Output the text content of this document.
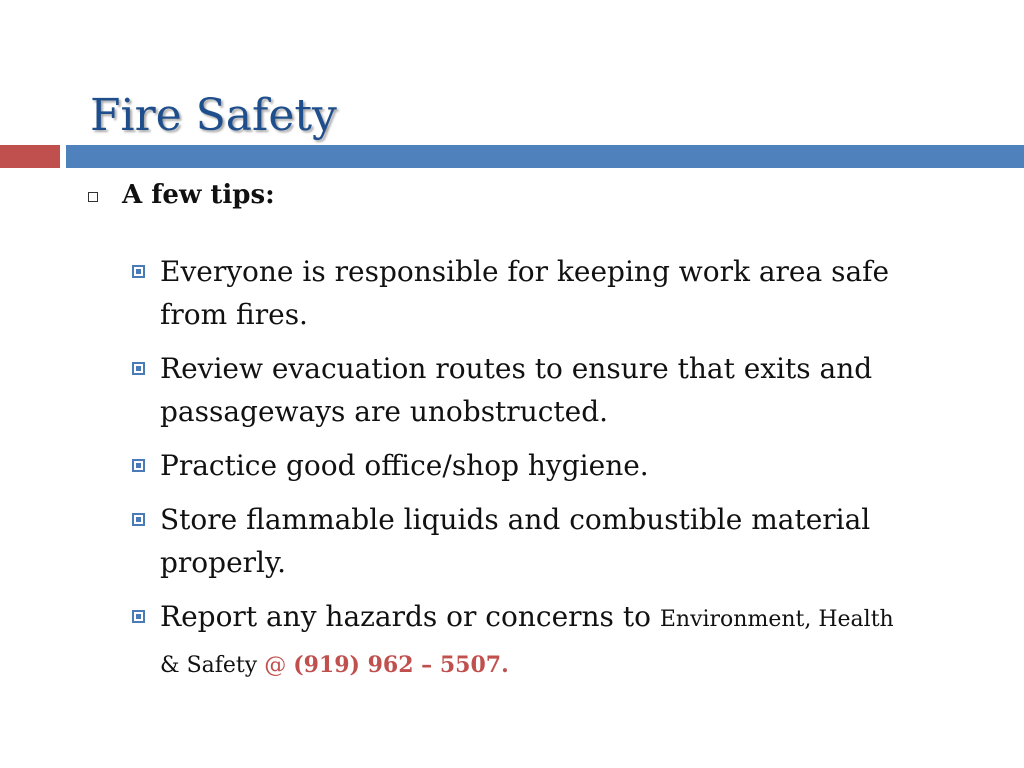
Fire Safety
A few tips:
Everyone is responsible for keeping work area safe from fires.
Review evacuation routes to ensure that exits and passageways are unobstructed.
Practice good office/shop hygiene.
Store flammable liquids and combustible material properly.
Report any hazards or concerns to Environment, Health & Safety @ (919) 962 – 5507.
